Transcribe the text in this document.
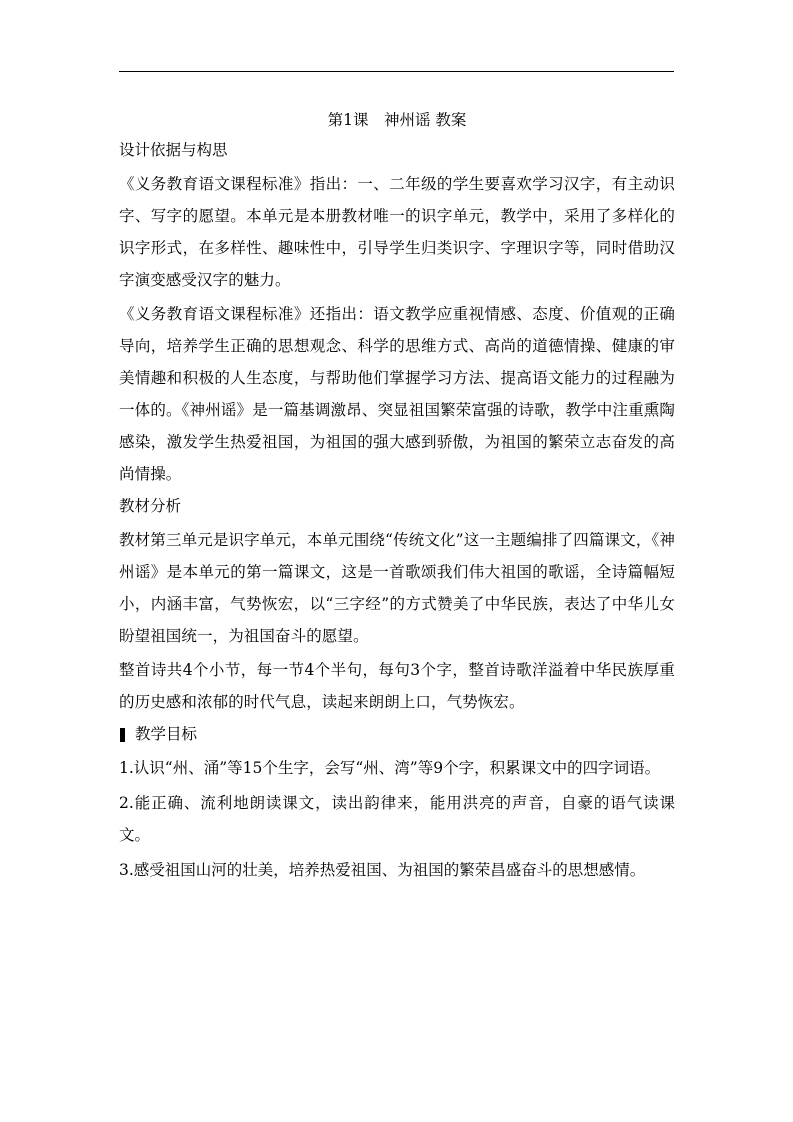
第1课　神州谣 教案
设计依据与构思
《义务教育语文课程标准》指出：一、二年级的学生要喜欢学习汉字，有主动识字、写字的愿望。本单元是本册教材唯一的识字单元，教学中，采用了多样化的识字形式，在多样性、趣味性中，引导学生归类识字、字理识字等，同时借助汉字演变感受汉字的魅力。
《义务教育语文课程标准》还指出：语文教学应重视情感、态度、价值观的正确导向，培养学生正确的思想观念、科学的思维方式、高尚的道德情操、健康的审美情趣和积极的人生态度，与帮助他们掌握学习方法、提高语文能力的过程融为一体的。《神州谣》是一篇基调激昂、突显祖国繁荣富强的诗歌，教学中注重熏陶感染，激发学生热爱祖国，为祖国的强大感到骄傲，为祖国的繁荣立志奋发的高尚情操。
教材分析
教材第三单元是识字单元，本单元围绕“传统文化”这一主题编排了四篇课文，《神州谣》是本单元的第一篇课文，这是一首歌颂我们伟大祖国的歌谣，全诗篇幅短小，内涵丰富，气势恢宏，以“三字经”的方式赞美了中华民族，表达了中华儿女盼望祖国统一，为祖国奋斗的愿望。
整首诗共4个小节，每一节4个半句，每句3个字，整首诗歌洋溢着中华民族厚重的历史感和浓郁的时代气息，读起来朗朗上口，气势恢宏。
教学目标
1.认识“州、涌”等15个生字，会写“州、湾”等9个字，积累课文中的四字词语。
2.能正确、流利地朗读课文，读出韵律来，能用洪亮的声音，自豪的语气读课文。
3.感受祖国山河的壮美，培养热爱祖国、为祖国的繁荣昌盛奋斗的思想感情。
